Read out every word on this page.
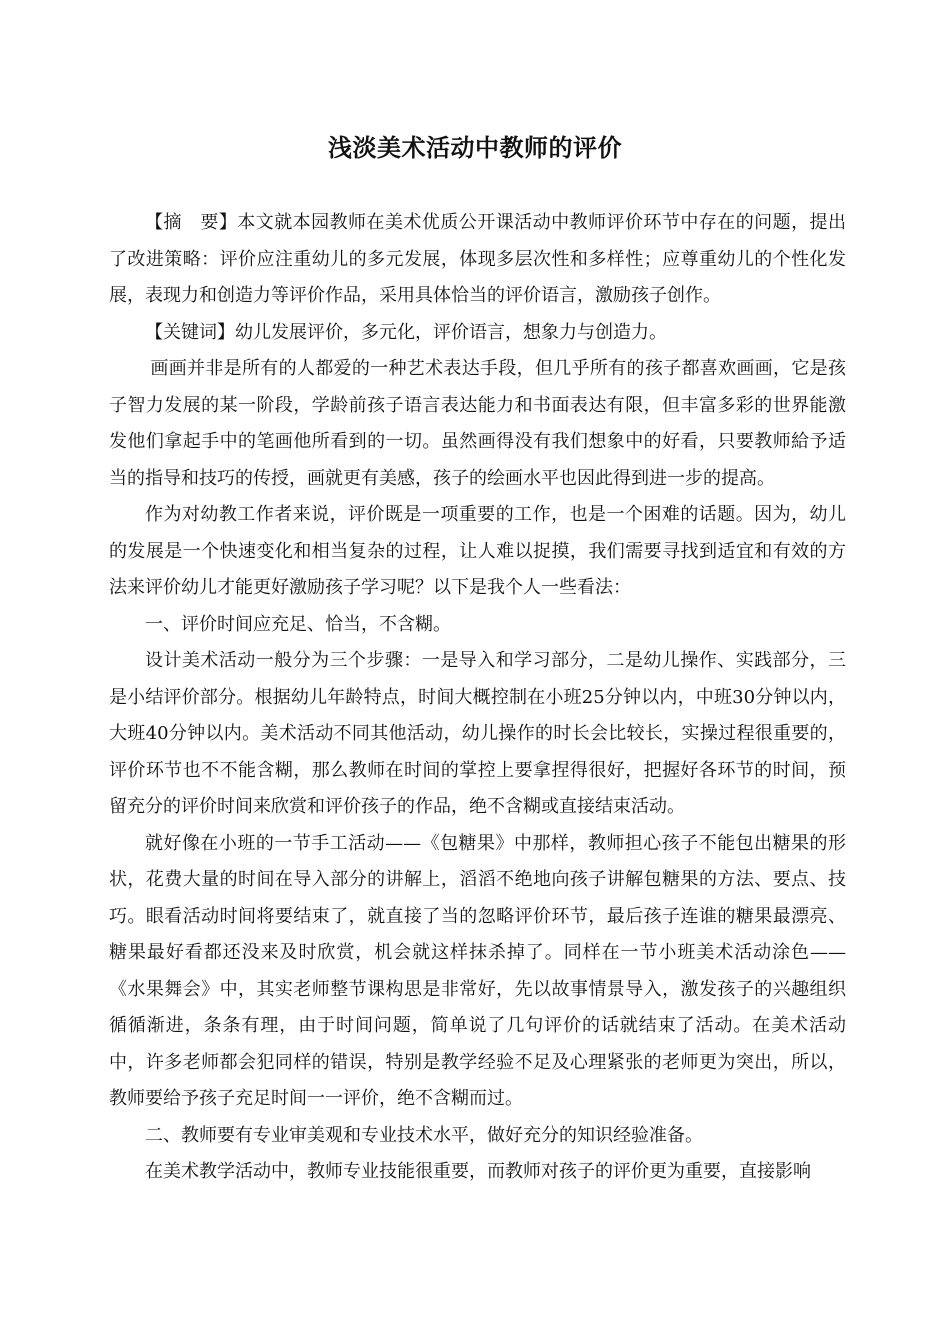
浅淡美术活动中教师的评价

【摘　要】本文就本园教师在美术优质公开课活动中教师评价环节中存在的问题，提出了改进策略：评价应注重幼儿的多元发展，体现多层次性和多样性；应尊重幼儿的个性化发展，表现力和创造力等评价作品，采用具体恰当的评价语言，激励孩子创作。

【关键词】幼儿发展评价，多元化，评价语言，想象力与创造力。

画画并非是所有的人都爱的一种艺术表达手段，但几乎所有的孩子都喜欢画画，它是孩子智力发展的某一阶段，学龄前孩子语言表达能力和书面表达有限，但丰富多彩的世界能激发他们拿起手中的笔画他所看到的一切。虽然画得没有我们想象中的好看，只要教师給予适当的指导和技巧的传授，画就更有美感，孩子的绘画水平也因此得到进一步的提高。

作为对幼教工作者来说，评价既是一项重要的工作，也是一个困难的话题。因为，幼儿的发展是一个快速变化和相当复杂的过程，让人难以捉摸，我们需要寻找到适宜和有效的方法来评价幼儿才能更好激励孩子学习呢？以下是我个人一些看法：

一、评价时间应充足、恰当，不含糊。

设计美术活动一般分为三个步骤：一是导入和学习部分，二是幼儿操作、实践部分，三是小结评价部分。根据幼儿年龄特点，时间大概控制在小班25分钟以内，中班30分钟以内，大班40分钟以内。美术活动不同其他活动，幼儿操作的时长会比较长，实操过程很重要的，评价环节也不不能含糊，那么教师在时间的掌控上要拿捏得很好，把握好各环节的时间，预留充分的评价时间来欣赏和评价孩子的作品，绝不含糊或直接结束活动。

就好像在小班的一节手工活动——《包糖果》中那样，教师担心孩子不能包出糖果的形状，花费大量的时间在导入部分的讲解上，滔滔不绝地向孩子讲解包糖果的方法、要点、技巧。眼看活动时间将要结束了，就直接了当的忽略评价环节，最后孩子连谁的糖果最漂亮、糖果最好看都还没来及时欣赏，机会就这样抹杀掉了。同样在一节小班美术活动涂色——《水果舞会》中，其实老师整节课构思是非常好，先以故事情景导入，激发孩子的兴趣组织循循渐进，条条有理，由于时间问题，简单说了几句评价的话就结束了活动。在美术活动中，许多老师都会犯同样的错误，特别是教学经验不足及心理紧张的老师更为突出，所以，教师要给予孩子充足时间一一评价，绝不含糊而过。

二、教师要有专业审美观和专业技术水平，做好充分的知识经验准备。

在美术教学活动中，教师专业技能很重要，而教师对孩子的评价更为重要，直接影响
